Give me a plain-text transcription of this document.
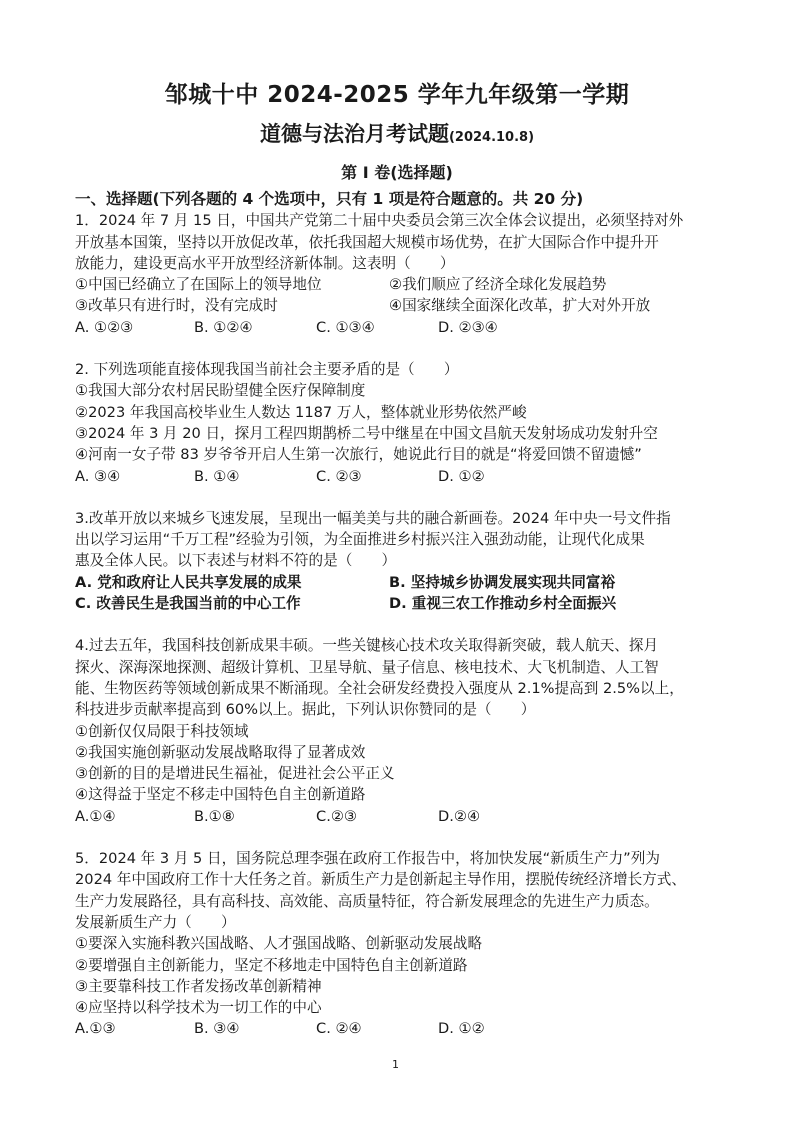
邹城十中 2024-2025 学年九年级第一学期
道德与法治月考试题(2024.10.8)
第 I 卷(选择题)

一、选择题(下列各题的 4 个选项中，只有 1 项是符合题意的。共 20 分)

1．2024 年 7 月 15 日，中国共产党第二十届中央委员会第三次全体会议提出，必须坚持对外

开放基本国策，坚持以开放促改革，依托我国超大规模市场优势，在扩大国际合作中提升开

放能力，建设更高水平开放型经济新体制。这表明（　　）

①中国已经确立了在国际上的领导地位	②我们顺应了经济全球化发展趋势
③改革只有进行时，没有完成时	④国家继续全面深化改革，扩大对外开放
A. ①②③	B. ①②④	C. ①③④	D. ②③④

2. 下列选项能直接体现我国当前社会主要矛盾的是（　　）

①我国大部分农村居民盼望健全医疗保障制度

②2023 年我国高校毕业生人数达 1187 万人，整体就业形势依然严峻

③2024 年 3 月 20 日，探月工程四期鹊桥二号中继星在中国文昌航天发射场成功发射升空

④河南一女子带 83 岁爷爷开启人生第一次旅行，她说此行目的就是“将爱回馈不留遗憾”

A. ③④	B. ①④	C. ②③	D. ①②

3.改革开放以来城乡飞速发展，呈现出一幅美美与共的融合新画卷。2024 年中央一号文件指

出以学习运用“千万工程”经验为引领，为全面推进乡村振兴注入强劲动能，让现代化成果

惠及全体人民。以下表述与材料不符的是（　　）

A. 党和政府让人民共享发展的成果	B. 坚持城乡协调发展实现共同富裕
C. 改善民生是我国当前的中心工作	D. 重视三农工作推动乡村全面振兴

4.过去五年，我国科技创新成果丰硕。一些关键核心技术攻关取得新突破，载人航天、探月

探火、深海深地探测、超级计算机、卫星导航、量子信息、核电技术、大飞机制造、人工智

能、生物医药等领域创新成果不断涌现。全社会研发经费投入强度从 2.1%提高到 2.5%以上，

科技进步贡献率提高到 60%以上。据此，下列认识你赞同的是（　　）

①创新仅仅局限于科技领域

②我国实施创新驱动发展战略取得了显著成效

③创新的目的是增进民生福祉，促进社会公平正义

④这得益于坚定不移走中国特色自主创新道路

A.①④	B.①⑧	C.②③	D.②④

5．2024 年 3 月 5 日，国务院总理李强在政府工作报告中，将加快发展“新质生产力”列为

2024 年中国政府工作十大任务之首。新质生产力是创新起主导作用，摆脱传统经济增长方式、

生产力发展路径，具有高科技、高效能、高质量特征，符合新发展理念的先进生产力质态。

发展新质生产力（　　）

①要深入实施科教兴国战略、人才强国战略、创新驱动发展战略

②要增强自主创新能力，坚定不移地走中国特色自主创新道路

③主要靠科技工作者发扬改革创新精神

④应坚持以科学技术为一切工作的中心

A.①③	B. ③④	C. ②④	D. ①②
1
